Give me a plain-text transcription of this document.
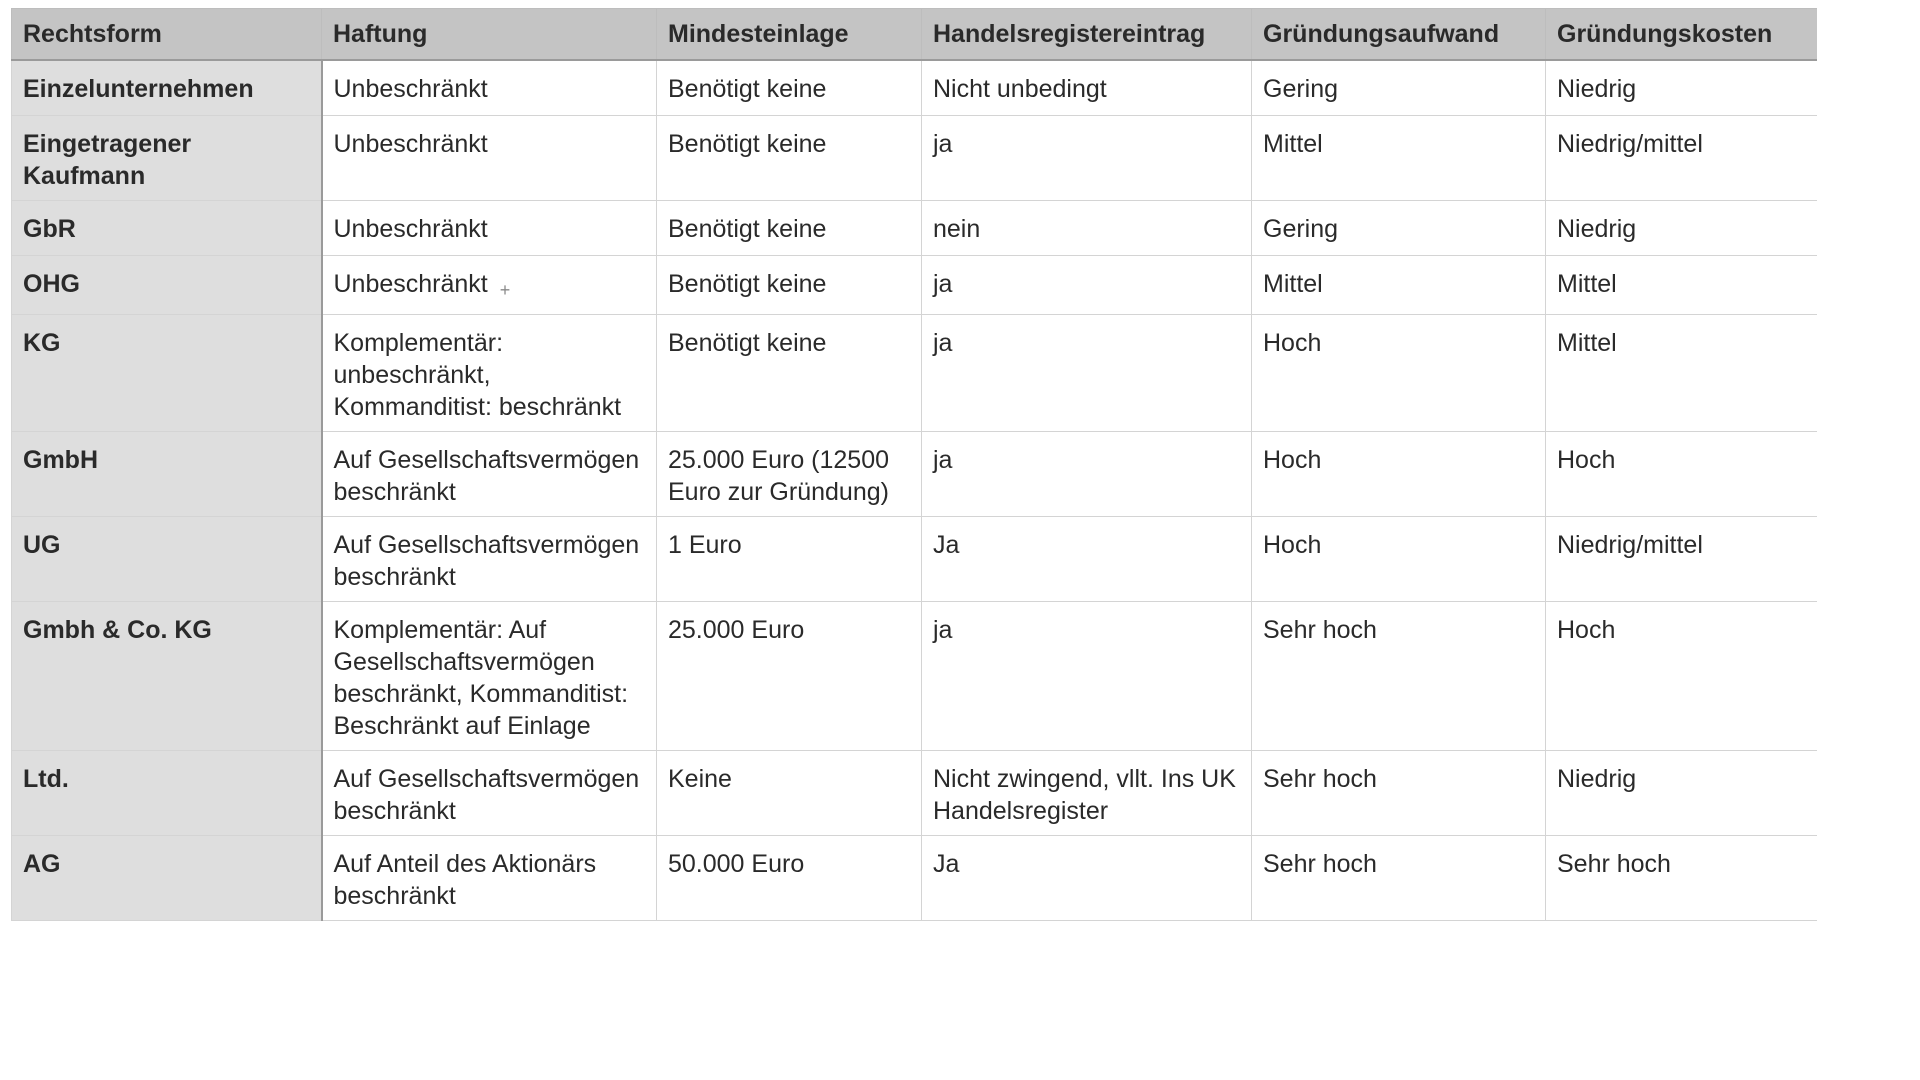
Rechtsform	Haftung	Mindesteinlage	Handelsregistereintrag	Gründungsaufwand	Gründungskosten
Einzelunternehmen	Unbeschränkt	Benötigt keine	Nicht unbedingt	Gering	Niedrig
Eingetragener Kaufmann	Unbeschränkt	Benötigt keine	ja	Mittel	Niedrig/mittel
GbR	Unbeschränkt	Benötigt keine	nein	Gering	Niedrig
OHG	Unbeschränkt +	Benötigt keine	ja	Mittel	Mittel
KG	Komplementär: unbeschränkt, Kommanditist: beschränkt	Benötigt keine	ja	Hoch	Mittel
GmbH	Auf Gesellschaftsvermögen beschränkt	25.000 Euro (12500 Euro zur Gründung)	ja	Hoch	Hoch
UG	Auf Gesellschaftsvermögen beschränkt	1 Euro	Ja	Hoch	Niedrig/mittel
Gmbh & Co. KG	Komplementär: Auf Gesellschaftsvermögen beschränkt, Kommanditist: Beschränkt auf Einlage	25.000 Euro	ja	Sehr hoch	Hoch
Ltd.	Auf Gesellschaftsvermögen beschränkt	Keine	Nicht zwingend, vllt. Ins UK Handelsregister	Sehr hoch	Niedrig
AG	Auf Anteil des Aktionärs beschränkt	50.000 Euro	Ja	Sehr hoch	Sehr hoch
